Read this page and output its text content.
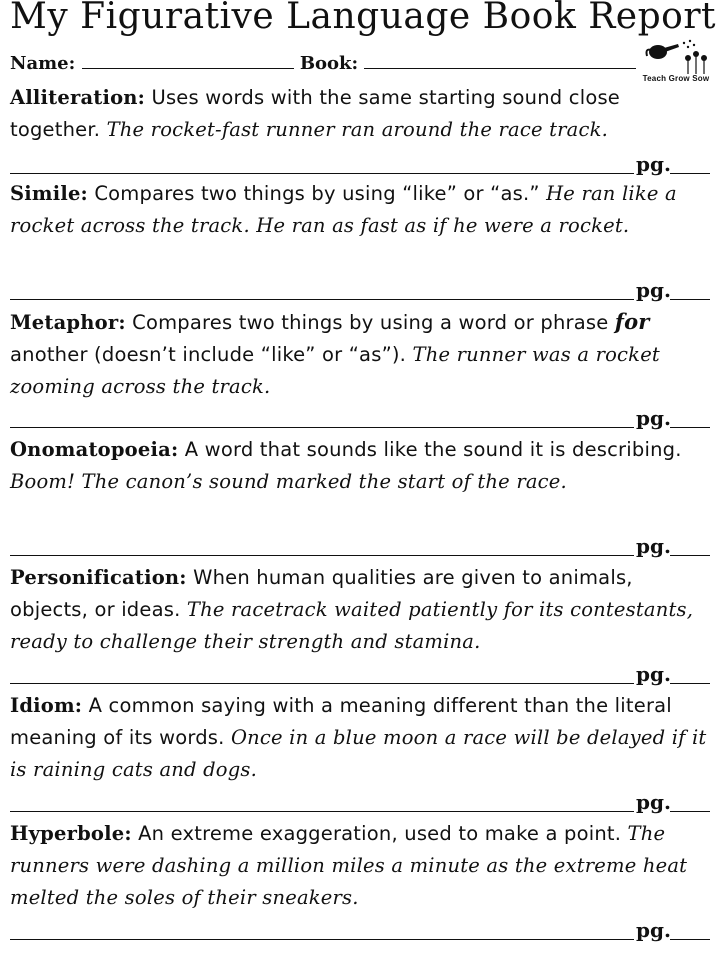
My Figurative Language Book Report
Name:	Book:
Teach Grow Sow

Alliteration: Uses words with the same starting sound close together. The rocket-fast runner ran around the race track.

pg.

Simile: Compares two things by using “like” or “as.” He ran like a rocket across the track. He ran as fast as if he were a rocket.

pg.

Metaphor: Compares two things by using a word or phrase for another (doesn’t include “like” or “as”). The runner was a rocket zooming across the track.

pg.

Onomatopoeia: A word that sounds like the sound it is describing. Boom! The canon’s sound marked the start of the race.

pg.

Personification: When human qualities are given to animals, objects, or ideas. The racetrack waited patiently for its contestants, ready to challenge their strength and stamina.

pg.

Idiom: A common saying with a meaning different than the literal meaning of its words. Once in a blue moon a race will be delayed if it is raining cats and dogs.

pg.

Hyperbole: An extreme exaggeration, used to make a point. The runners were dashing a million miles a minute as the extreme heat melted the soles of their sneakers.

pg.
